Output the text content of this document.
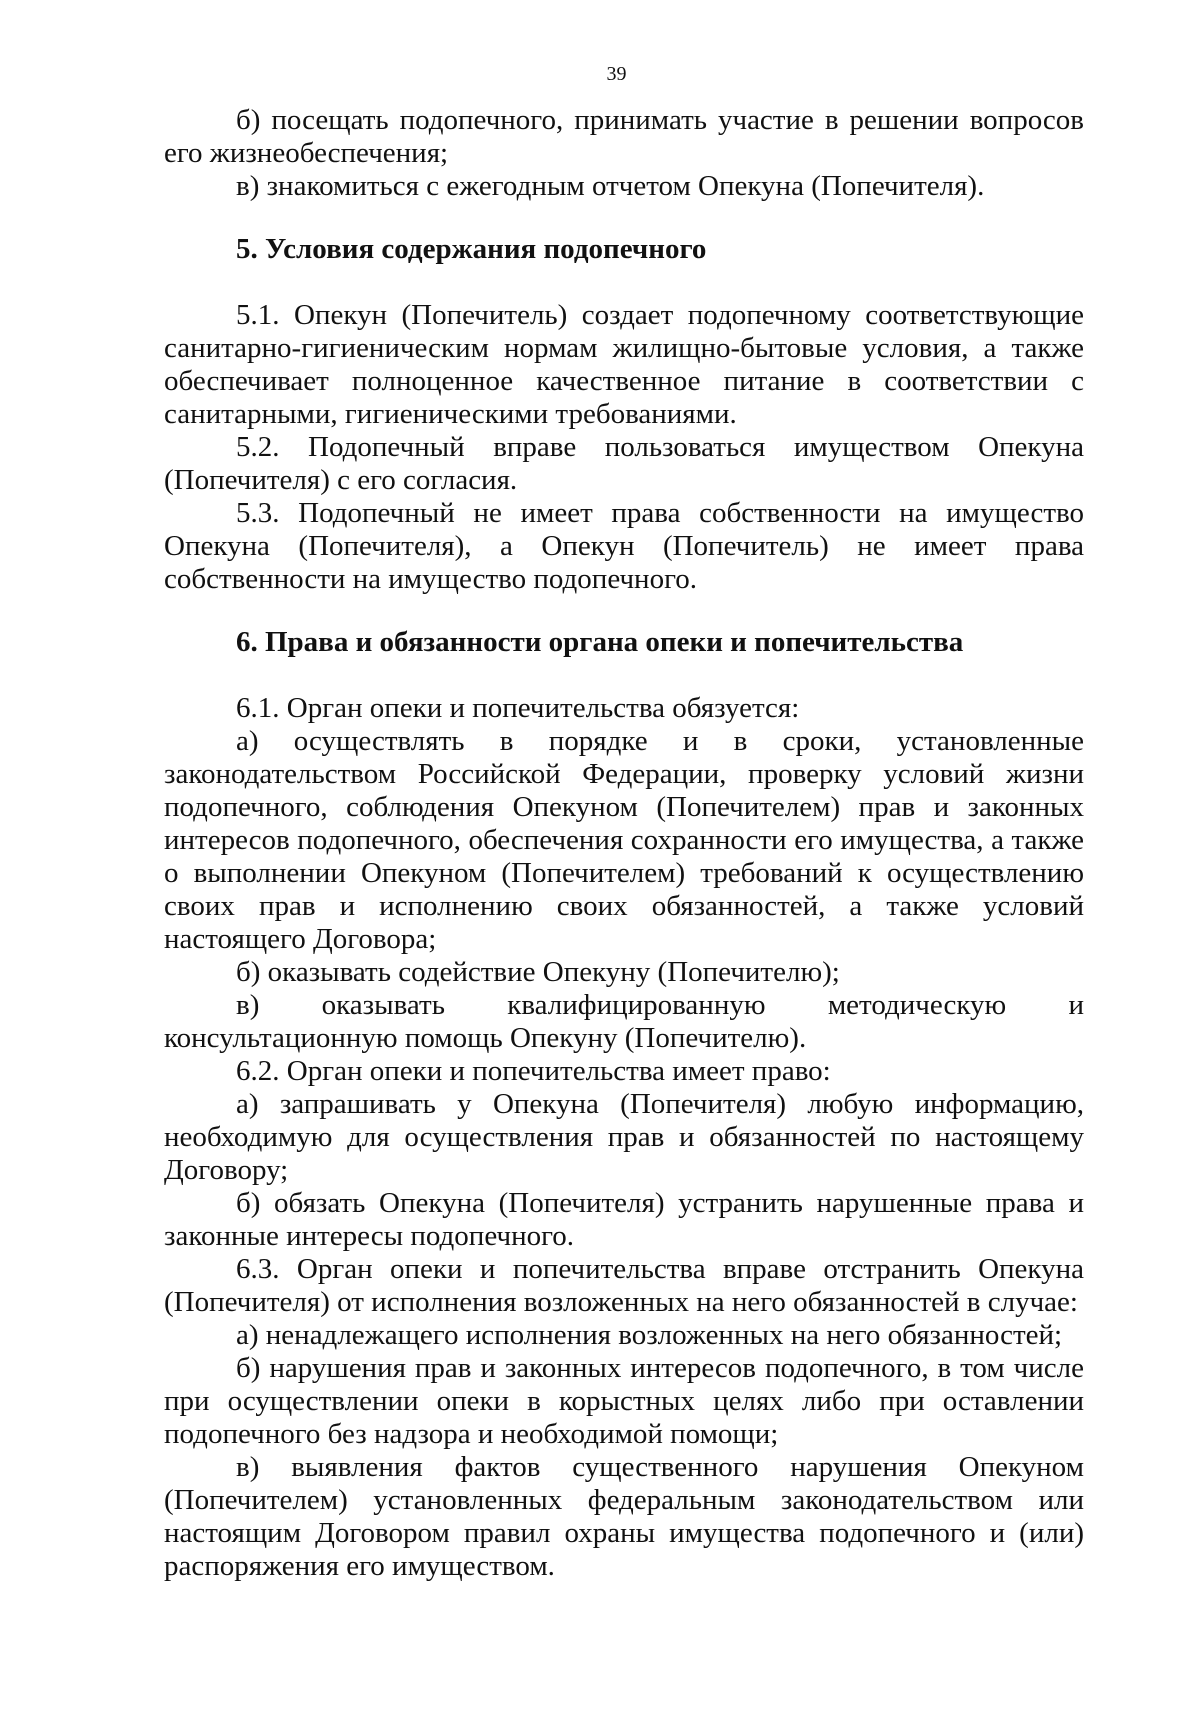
39

б) посещать подопечного, принимать участие в решении вопросов его жизнеобеспечения;

в) знакомиться с ежегодным отчетом Опекуна (Попечителя).

5. Условия содержания подопечного

5.1. Опекун (Попечитель) создает подопечному соответствующие санитарно-гигиеническим нормам жилищно-бытовые условия, а также обеспечивает полноценное качественное питание в соответствии с санитарными, гигиеническими требованиями.

5.2. Подопечный вправе пользоваться имуществом Опекуна (Попечителя) с его согласия.

5.3. Подопечный не имеет права собственности на имущество Опекуна (Попечителя), а Опекун (Попечитель) не имеет права собственности на имущество подопечного.

6. Права и обязанности органа опеки и попечительства

6.1. Орган опеки и попечительства обязуется:

а) осуществлять в порядке и в сроки, установленные законодательством Российской Федерации, проверку условий жизни подопечного, соблюдения Опекуном (Попечителем) прав и законных интересов подопечного, обеспечения сохранности его имущества, а также о выполнении Опекуном (Попечителем) требований к осуществлению своих прав и исполнению своих обязанностей, а также условий настоящего Договора;

б) оказывать содействие Опекуну (Попечителю);

в) оказывать квалифицированную методическую и консультационную помощь Опекуну (Попечителю).

6.2. Орган опеки и попечительства имеет право:

а) запрашивать у Опекуна (Попечителя) любую информацию, необходимую для осуществления прав и обязанностей по настоящему Договору;

б) обязать Опекуна (Попечителя) устранить нарушенные права и законные интересы подопечного.

6.3. Орган опеки и попечительства вправе отстранить Опекуна (Попечителя) от исполнения возложенных на него обязанностей в случае:

а) ненадлежащего исполнения возложенных на него обязанностей;

б) нарушения прав и законных интересов подопечного, в том числе при осуществлении опеки в корыстных целях либо при оставлении подопечного без надзора и необходимой помощи;

в) выявления фактов существенного нарушения Опекуном (Попечителем) установленных федеральным законодательством или настоящим Договором правил охраны имущества подопечного и (или) распоряжения его имуществом.
